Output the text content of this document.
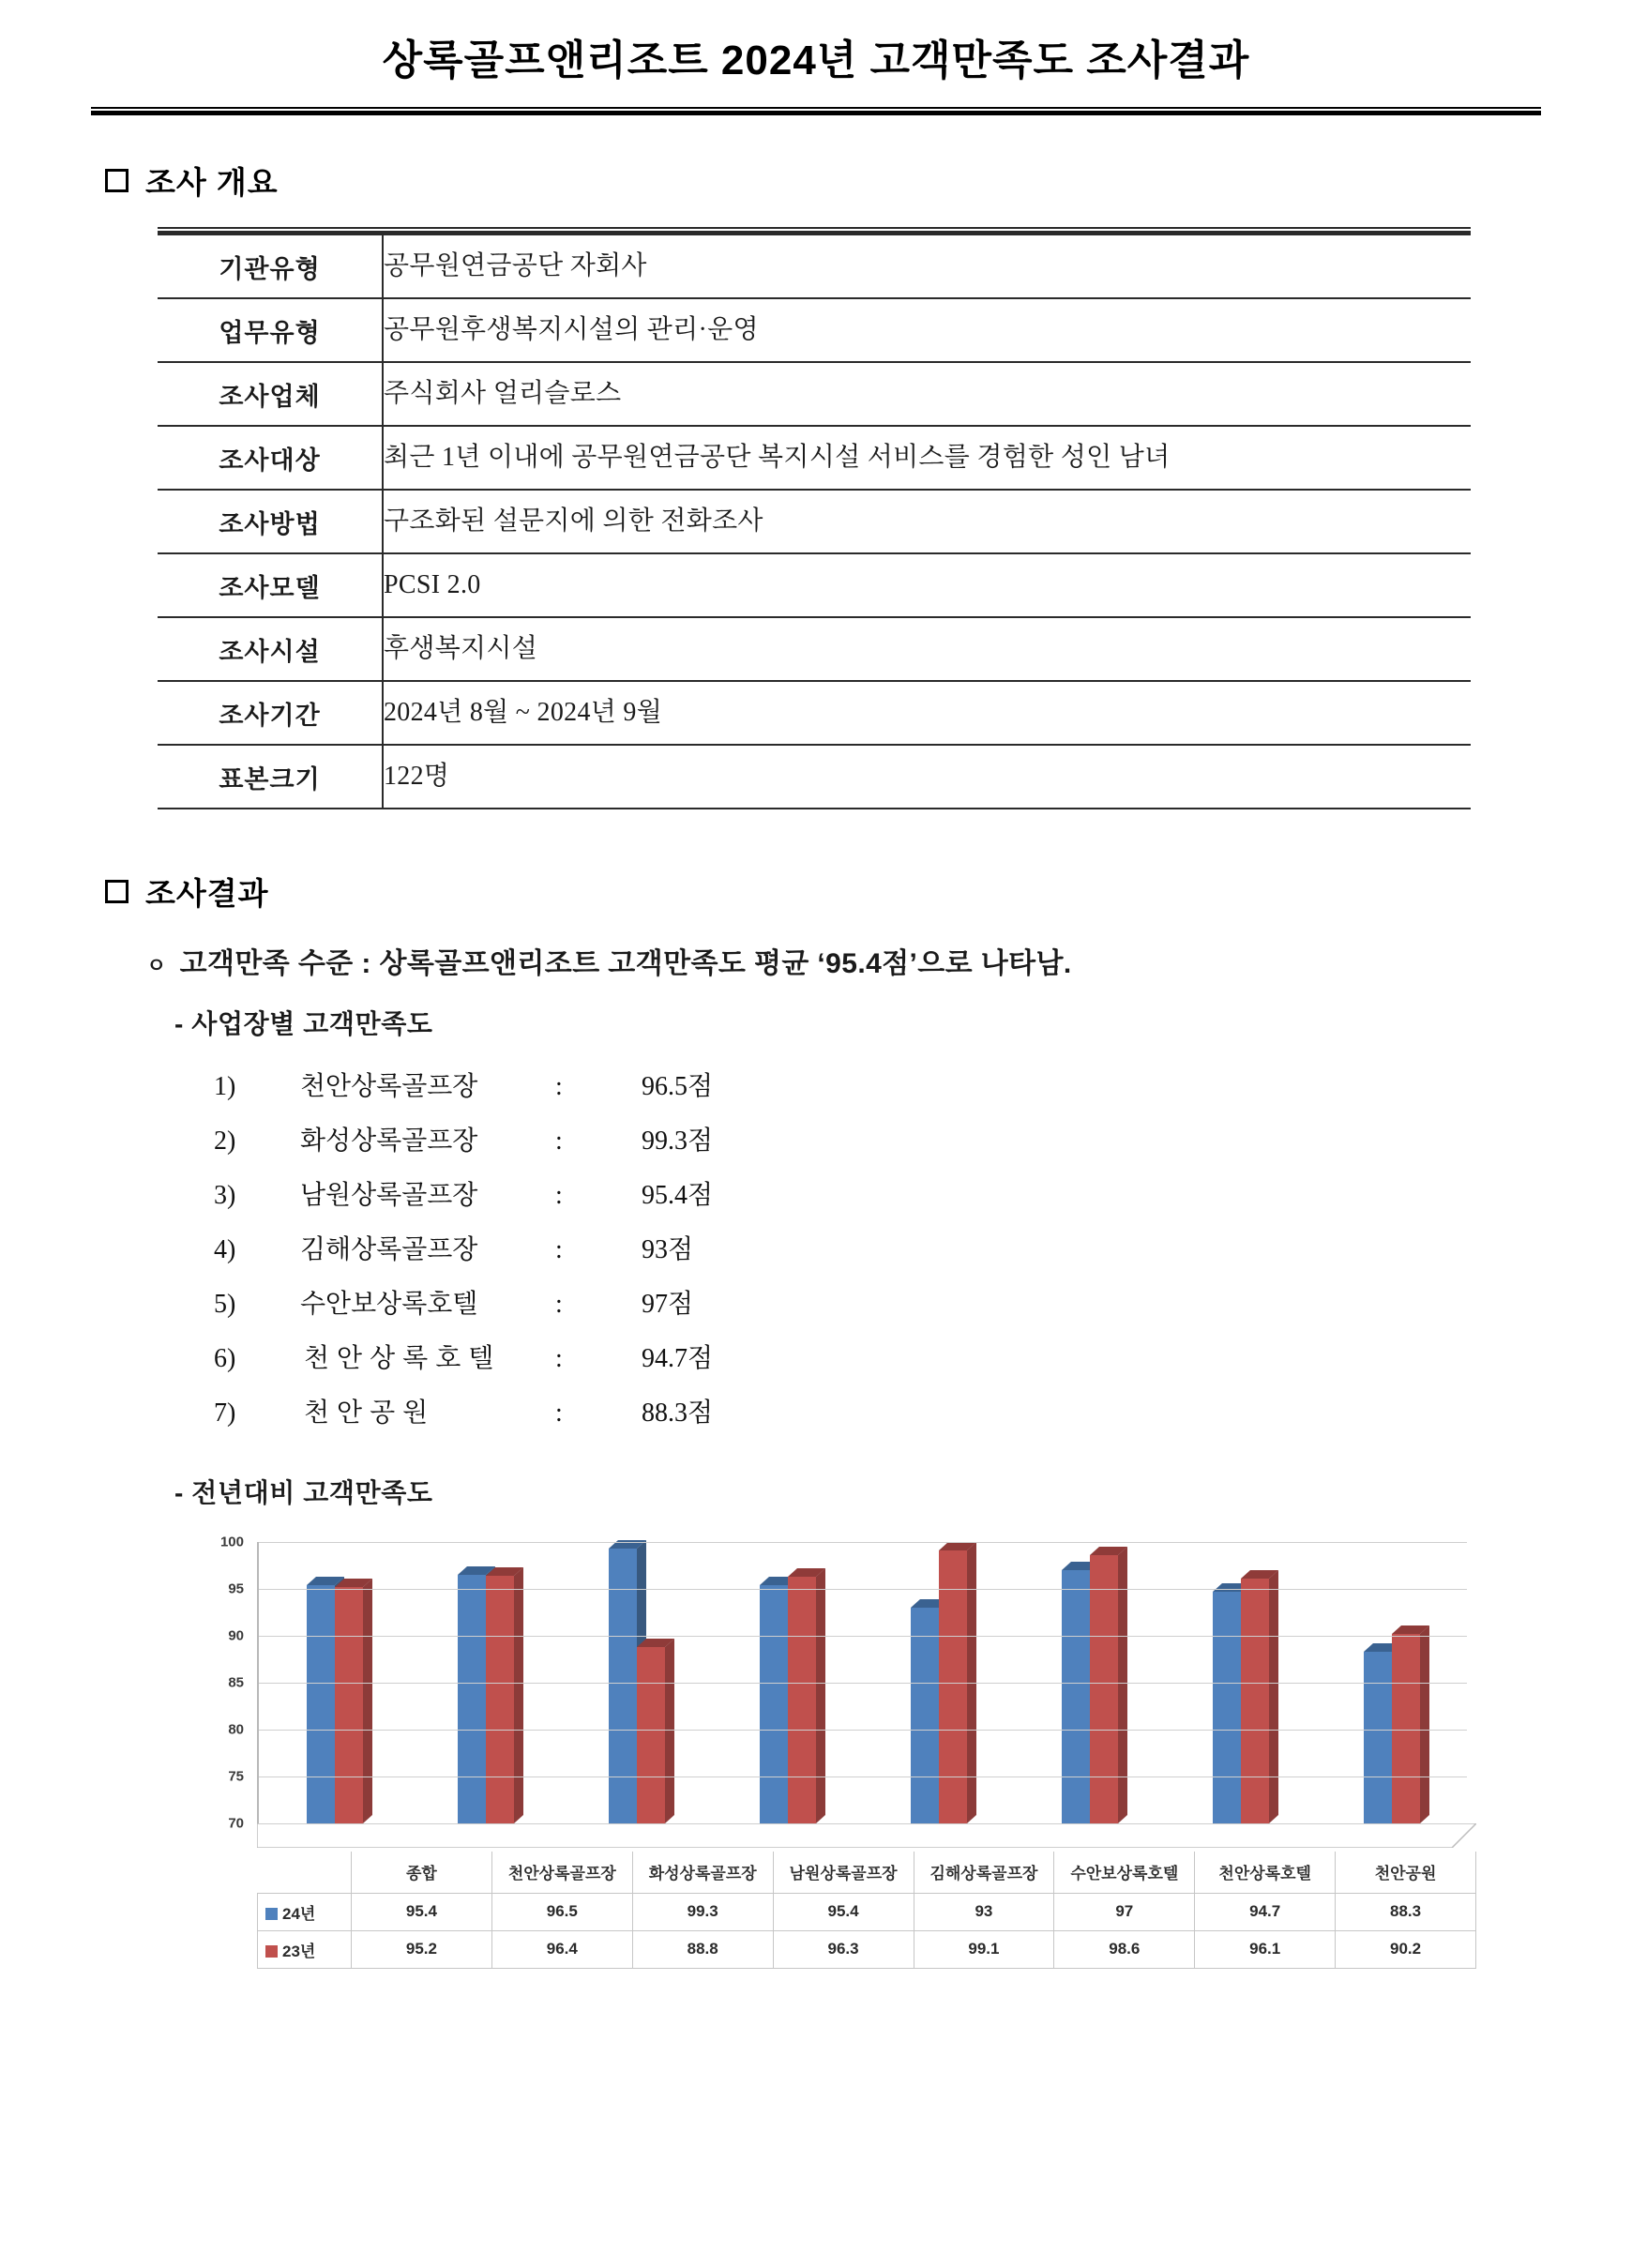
상록골프앤리조트 2024년 고객만족도 조사결과
조사 개요
기관유형	공무원연금공단 자회사
업무유형	공무원후생복지시설의 관리·운영
조사업체	주식회사 얼리슬로스
조사대상	최근 1년 이내에 공무원연금공단 복지시설 서비스를 경험한 성인 남녀
조사방법	구조화된 설문지에 의한 전화조사
조사모델	PCSI 2.0
조사시설	후생복지시설
조사기간	2024년 8월 ~ 2024년 9월
표본크기	122명
조사결과
ㅇ 고객만족 수준 : 상록골프앤리조트 고객만족도 평균 ‘95.4점’으로 나타남.
- 사업장별 고객만족도
1)	천안상록골프장	:	96.5점
2)	화성상록골프장	:	99.3점
3)	남원상록골프장	:	95.4점
4)	김해상록골프장	:	93점
5)	수안보상록호텔	:	97점
6)	천안상록호텔	:	94.7점
7)	천안공원	:	88.3점
- 전년대비 고객만족도
100
95
90
85
80
75
70
	종합	천안상록골프장	화성상록골프장	남원상록골프장	김해상록골프장	수안보상록호텔	천안상록호텔	천안공원
24년	95.4	96.5	99.3	95.4	93	97	94.7	88.3
23년	95.2	96.4	88.8	96.3	99.1	98.6	96.1	90.2
